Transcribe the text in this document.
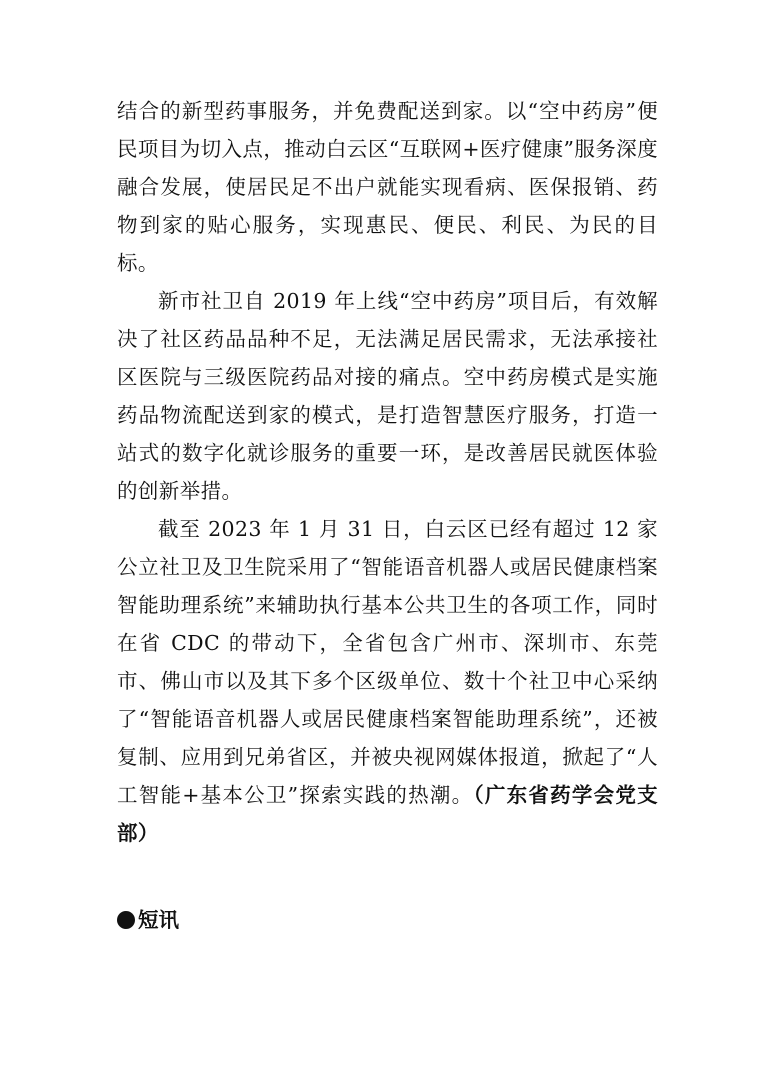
结合的新型药事服务，并免费配送到家。以“空中药房”便民项目为切入点，推动白云区“互联网+医疗健康”服务深度融合发展，使居民足不出户就能实现看病、医保报销、药物到家的贴心服务，实现惠民、便民、利民、为民的目标。

新市社卫自 2019 年上线“空中药房”项目后，有效解决了社区药品品种不足，无法满足居民需求，无法承接社区医院与三级医院药品对接的痛点。空中药房模式是实施药品物流配送到家的模式，是打造智慧医疗服务，打造一站式的数字化就诊服务的重要一环，是改善居民就医体验的创新举措。

截至 2023 年 1 月 31 日，白云区已经有超过 12 家公立社卫及卫生院采用了“智能语音机器人或居民健康档案智能助理系统”来辅助执行基本公共卫生的各项工作，同时在省 CDC 的带动下，全省包含广州市、深圳市、东莞市、佛山市以及其下多个区级单位、数十个社卫中心采纳了“智能语音机器人或居民健康档案智能助理系统”，还被复制、应用到兄弟省区，并被央视网媒体报道，掀起了“人工智能+基本公卫”探索实践的热潮。（广东省药学会党支部）

短讯
